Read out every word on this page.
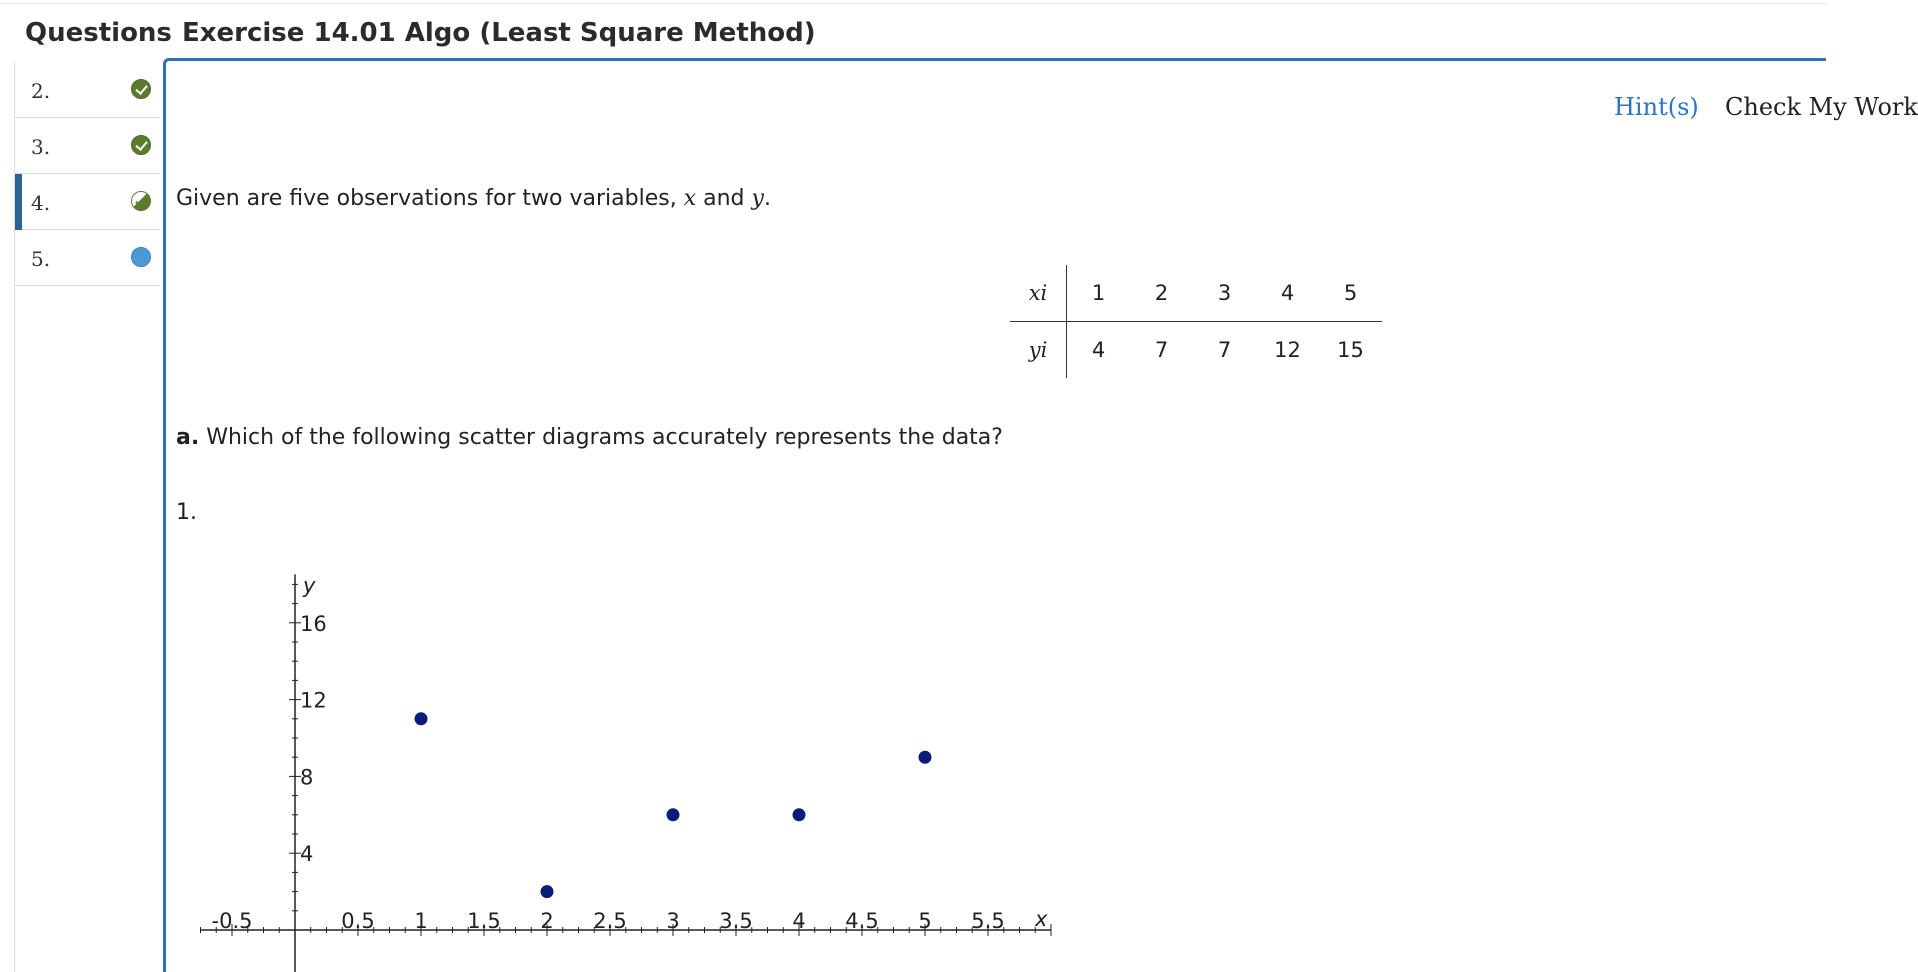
Questions Exercise 14.01 Algo (Least Square Method)
2.
3.
4.
5.
Hint(s) Check My Work
Given are five observations for two variables, x and y.
xi	1	2	3	4	5
yi	4	7	7	12	15
a. Which of the following scatter diagrams accurately represents the data?
1.
-0.5	0.5 1 1.5 2 2.5 3 3.5 4 4.5 5 5.5
4
8
12
16
x
y
